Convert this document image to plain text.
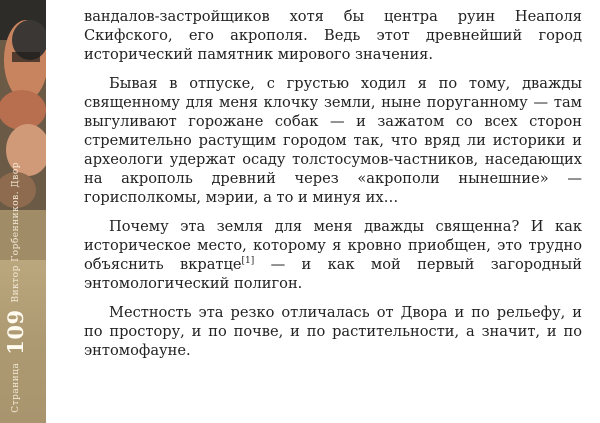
Страница 109 Виктор Горбенников. Двор

вандалов-застройщиков хотя бы центра руин Неаполя Скифского, его акрополя. Ведь этот древнейший город исторический памятник мирового значения.

Бывая в отпуске, с грустью ходил я по тому, дважды священному для меня клочку земли, ныне поруганному — там выгуливают горожане собак — и зажатом со всех сторон стремительно растущим городом так, что вряд ли историки и археологи удержат осаду толстосумов-частников, наседающих на акрополь древний через «акрополи нынешние» — горисполкомы, мэрии, а то и минуя их…

Почему эта земля для меня дважды священна? И как историческое место, которому я кровно приобщен, это трудно объяснить вкратце[1] — и как мой первый загородный энтомологический полигон.

Местность эта резко отличалась от Двора и по рельефу, и по простору, и по почве, и по растительности, а значит, и по энтомофауне.
